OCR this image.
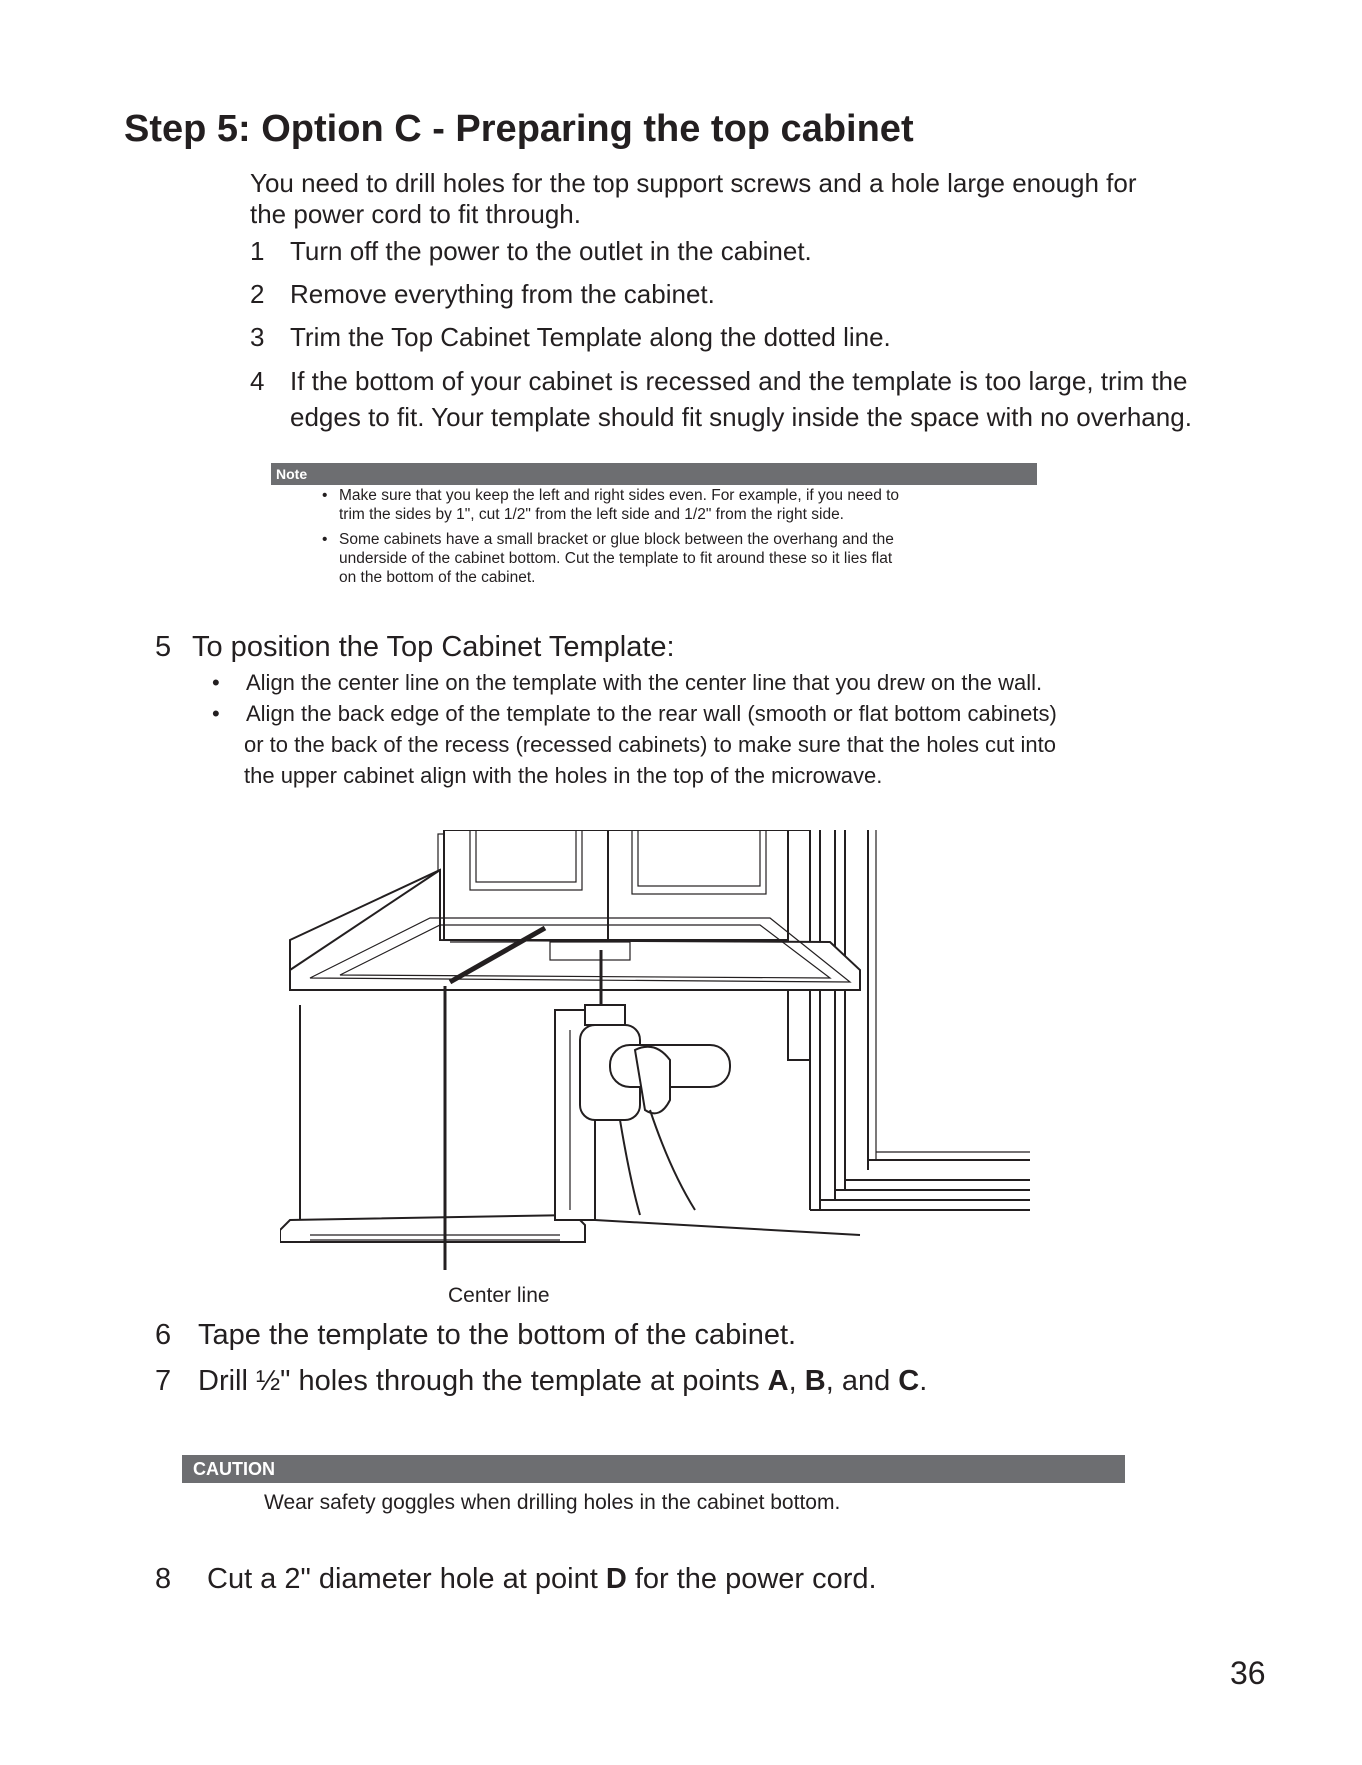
Step 5: Option C - Preparing the top cabinet
You need to drill holes for the top support screws and a hole large enough for the power cord to fit through.
1 Turn off the power to the outlet in the cabinet.
2 Remove everything from the cabinet.
3 Trim the Top Cabinet Template along the dotted line.
4 If the bottom of your cabinet is recessed and the template is too large, trim the
edges to fit. Your template should fit snugly inside the space with no overhang.
Note
• Make sure that you keep the left and right sides even. For example, if you need to
trim the sides by 1", cut 1/2" from the left side and 1/2" from the right side.
• Some cabinets have a small bracket or glue block between the overhang and the
underside of the cabinet bottom. Cut the template to fit around these so it lies flat
on the bottom of the cabinet.
5 To position the Top Cabinet Template:
• Align the center line on the template with the center line that you drew on the wall.
• Align the back edge of the template to the rear wall (smooth or flat bottom cabinets)
or to the back of the recess (recessed cabinets) to make sure that the holes cut into
the upper cabinet align with the holes in the top of the microwave.
Center line
6 Tape the template to the bottom of the cabinet.
7 Drill ½" holes through the template at points A, B, and C.
CAUTION
Wear safety goggles when drilling holes in the cabinet bottom.
8 Cut a 2" diameter hole at point D for the power cord.
36
